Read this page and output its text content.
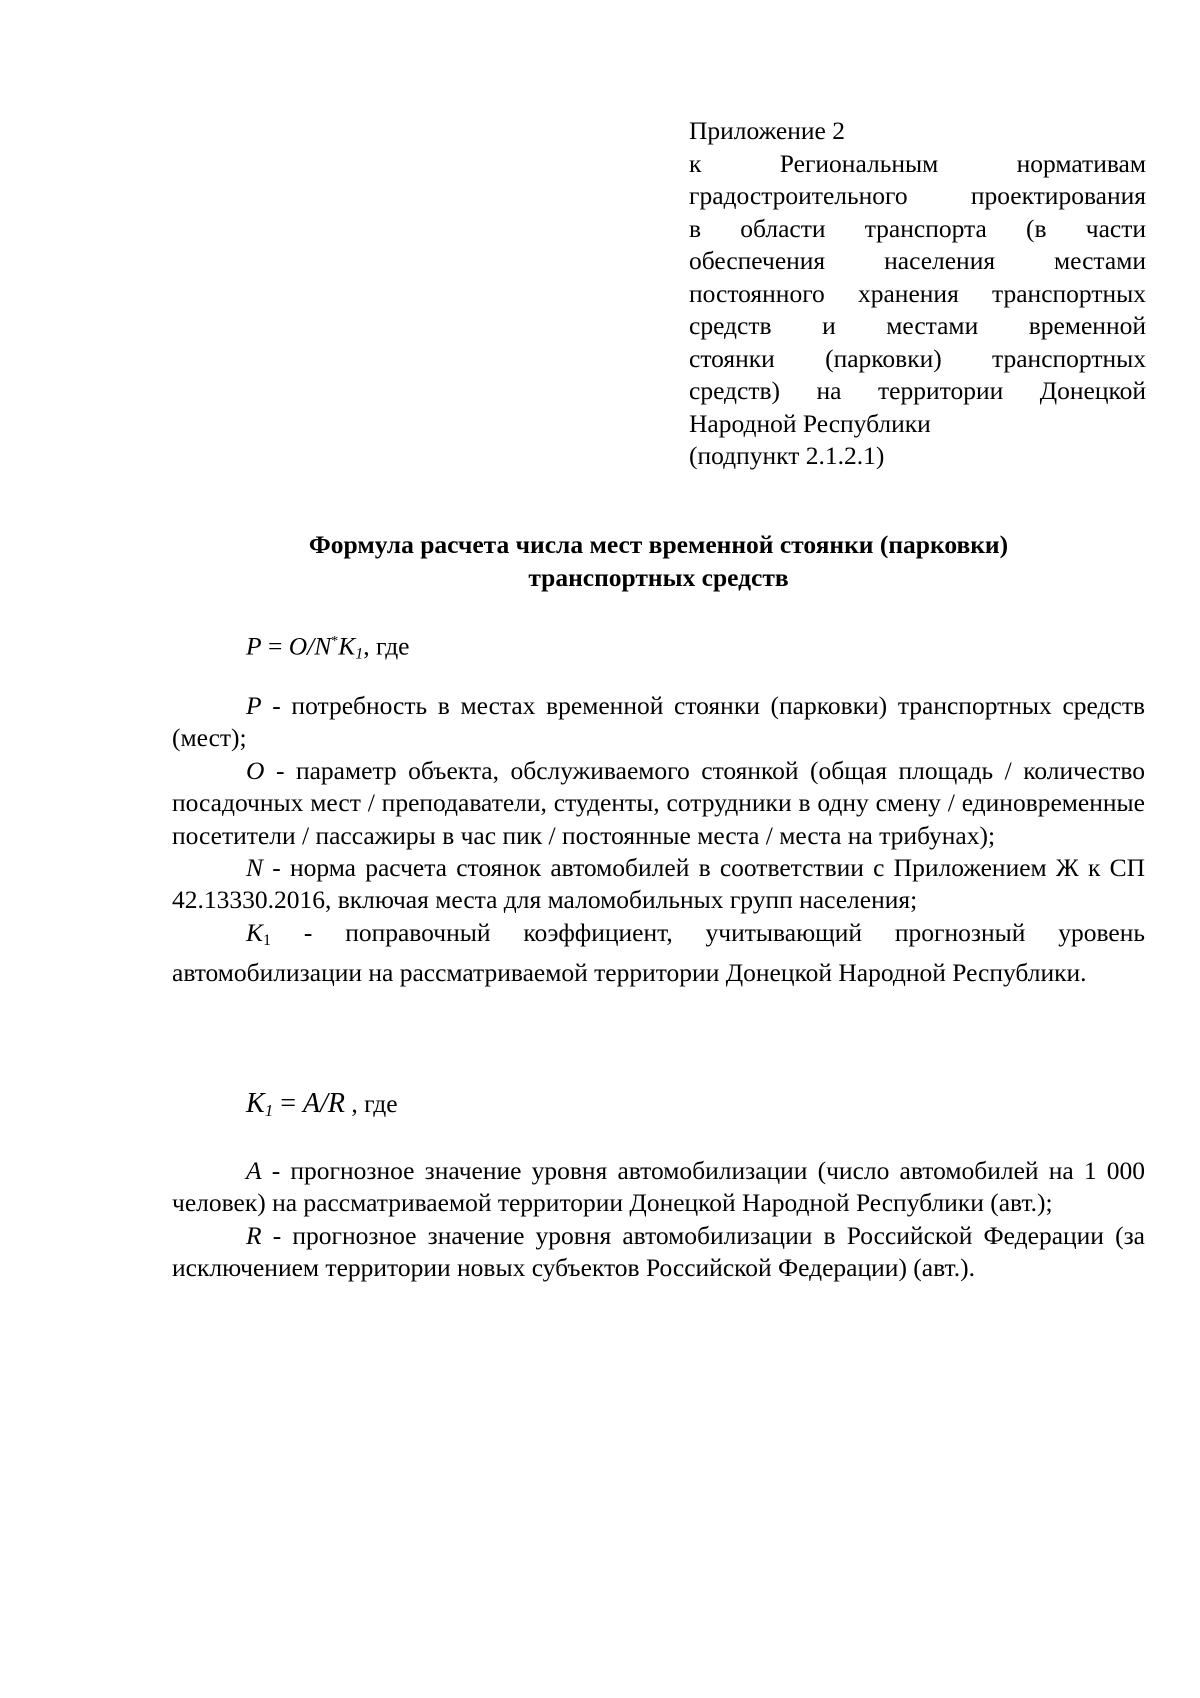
Приложение 2
к Региональным нормативам
градостроительного проектирования
в области транспорта (в части
обеспечения населения местами
постоянного хранения транспортных
средств и местами временной
стоянки (парковки) транспортных
средств) на территории Донецкой
Народной Республики
(подпункт 2.1.2.1)
Формула расчета числа мест временной стоянки (парковки)
транспортных средств
$P = O/N^*K_1$, где

P - потребность в местах временной стоянки (парковки) транспортных средств (мест);

O - параметр объекта, обслуживаемого стоянкой (общая площадь / количество посадочных мест / преподаватели, студенты, сотрудники в одну смену / единовременные посетители / пассажиры в час пик / постоянные места / места на трибунах);

N - норма расчета стоянок автомобилей в соответствии с Приложением Ж к СП 42.13330.2016, включая места для маломобильных групп населения;

$K_1$ - поправочный коэффициент, учитывающий прогнозный уровень автомобилизации на рассматриваемой территории Донецкой Народной Республики.

$K_1 = A/R$ , где

A - прогнозное значение уровня автомобилизации (число автомобилей на 1 000 человек) на рассматриваемой территории Донецкой Народной Республики (авт.);

R - прогнозное значение уровня автомобилизации в Российской Федерации (за исключением территории новых субъектов Российской Федерации) (авт.).
